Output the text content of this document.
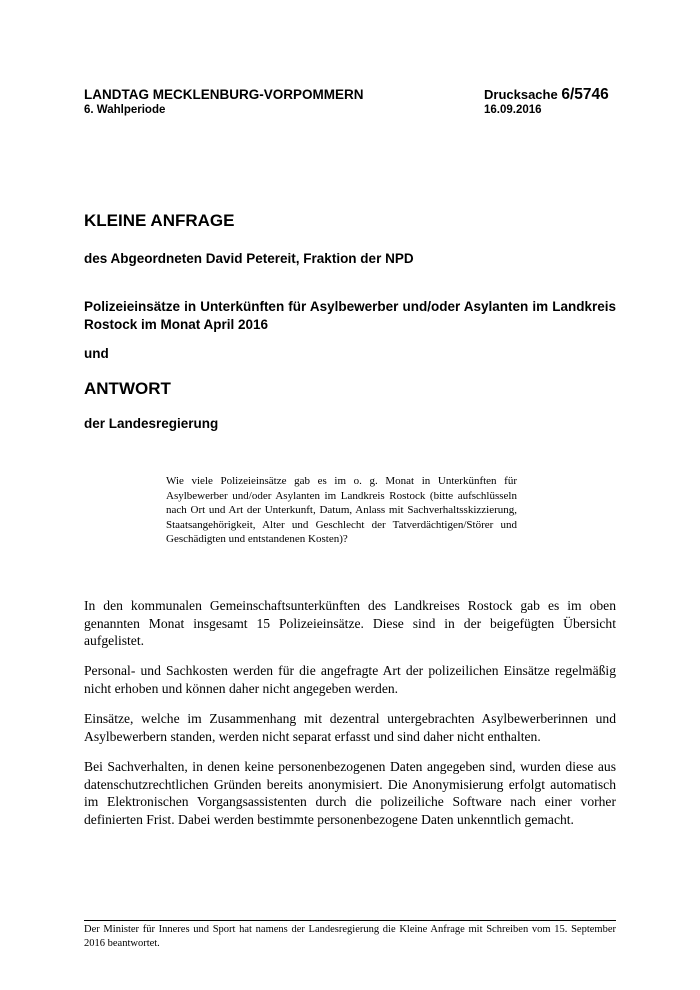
LANDTAG MECKLENBURG-VORPOMMERN
6. Wahlperiode
Drucksache 6/5746
16.09.2016
KLEINE ANFRAGE
des Abgeordneten David Petereit, Fraktion der NPD
Polizeieinsätze in Unterkünften für Asylbewerber und/oder Asylanten im Landkreis Rostock im Monat April 2016
und
ANTWORT
der Landesregierung
Wie viele Polizeieinsätze gab es im o. g. Monat in Unterkünften für Asylbewerber und/oder Asylanten im Landkreis Rostock (bitte aufschlüsseln nach Ort und Art der Unterkunft, Datum, Anlass mit Sachverhaltsskizzierung, Staatsangehörigkeit, Alter und Geschlecht der Tatverdächtigen/Störer und Geschädigten und entstandenen Kosten)?

In den kommunalen Gemeinschaftsunterkünften des Landkreises Rostock gab es im oben genannten Monat insgesamt 15 Polizeieinsätze. Diese sind in der beigefügten Übersicht aufgelistet.

Personal- und Sachkosten werden für die angefragte Art der polizeilichen Einsätze regelmäßig nicht erhoben und können daher nicht angegeben werden.

Einsätze, welche im Zusammenhang mit dezentral untergebrachten Asylbewerberinnen und Asylbewerbern standen, werden nicht separat erfasst und sind daher nicht enthalten.

Bei Sachverhalten, in denen keine personenbezogenen Daten angegeben sind, wurden diese aus datenschutzrechtlichen Gründen bereits anonymisiert. Die Anonymisierung erfolgt automatisch im Elektronischen Vorgangsassistenten durch die polizeiliche Software nach einer vorher definierten Frist. Dabei werden bestimmte personenbezogene Daten unkenntlich gemacht.

Der Minister für Inneres und Sport hat namens der Landesregierung die Kleine Anfrage mit Schreiben vom 15. September 2016 beantwortet.
